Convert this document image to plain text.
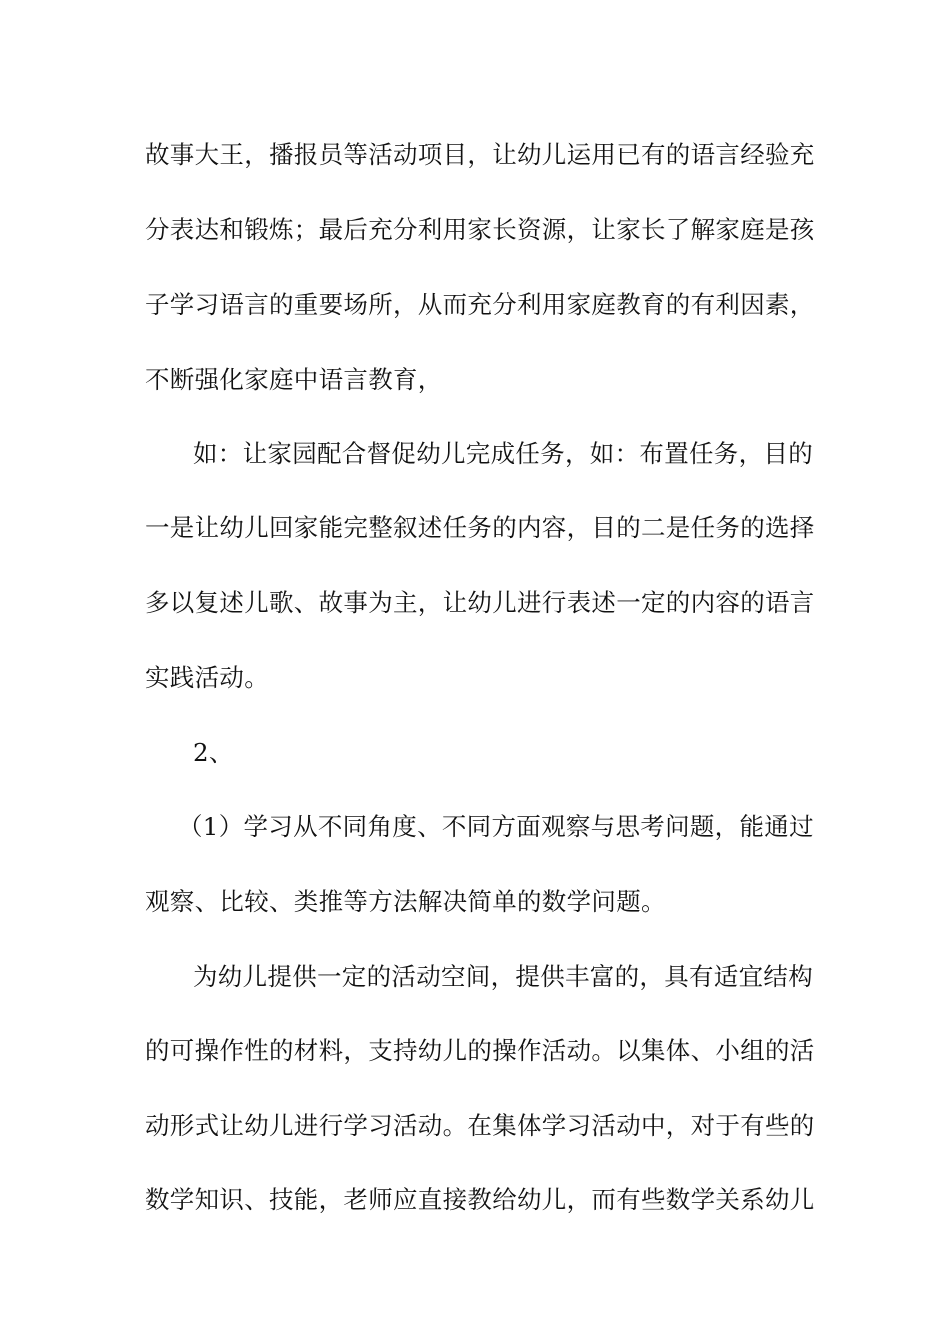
故事大王，播报员等活动项目，让幼儿运用已有的语言经验充
分表达和锻炼；最后充分利用家长资源，让家长了解家庭是孩
子学习语言的重要场所，从而充分利用家庭教育的有利因素，
不断强化家庭中语言教育，
如：让家园配合督促幼儿完成任务，如：布置任务，目的
一是让幼儿回家能完整叙述任务的内容，目的二是任务的选择
多以复述儿歌、故事为主，让幼儿进行表述一定的内容的语言
实践活动。
2、
（1）学习从不同角度、不同方面观察与思考问题，能通过
观察、比较、类推等方法解决简单的数学问题。
为幼儿提供一定的活动空间，提供丰富的，具有适宜结构
的可操作性的材料，支持幼儿的操作活动。以集体、小组的活
动形式让幼儿进行学习活动。在集体学习活动中，对于有些的
数学知识、技能，老师应直接教给幼儿，而有些数学关系幼儿
